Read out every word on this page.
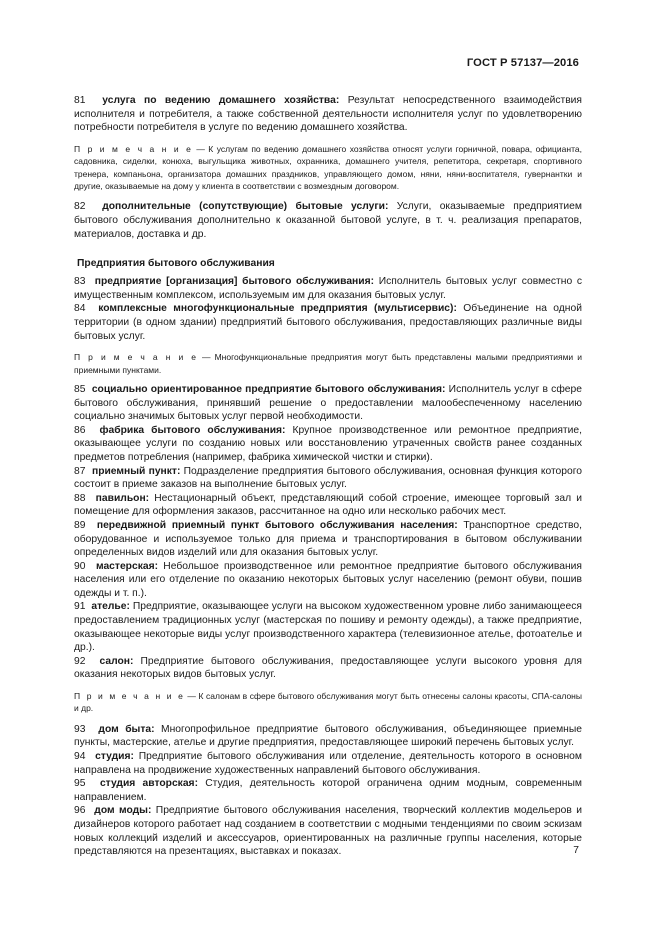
ГОСТ Р 57137—2016

81 услуга по ведению домашнего хозяйства: Результат непосредственного взаимодействия исполнителя и потребителя, а также собственной деятельности исполнителя услуг по удовлетворению потребности потребителя в услуге по ведению домашнего хозяйства.

П р и м е ч а н и е — К услугам по ведению домашнего хозяйства относят услуги горничной, повара, официанта, садовника, сиделки, конюха, выгульщика животных, охранника, домашнего учителя, репетитора, секретаря, спортивного тренера, компаньона, организатора домашних праздников, управляющего домом, няни, няни-воспитателя, гувернантки и другие, оказываемые на дому у клиента в соответствии с возмездным договором.

82 дополнительные (сопутствующие) бытовые услуги: Услуги, оказываемые предприятием бытового обслуживания дополнительно к оказанной бытовой услуге, в т. ч. реализация препаратов, материалов, доставка и др.

Предприятия бытового обслуживания

83 предприятие [организация] бытового обслуживания: Исполнитель бытовых услуг совместно с имущественным комплексом, используемым им для оказания бытовых услуг.

84 комплексные многофункциональные предприятия (мультисервис): Объединение на одной территории (в одном здании) предприятий бытового обслуживания, предоставляющих различные виды бытовых услуг.

П р и м е ч а н и е — Многофункциональные предприятия могут быть представлены малыми предприятиями и приемными пунктами.

85 социально ориентированное предприятие бытового обслуживания: Исполнитель услуг в сфере бытового обслуживания, принявший решение о предоставлении малообеспеченному населению социально значимых бытовых услуг первой необходимости.

86 фабрика бытового обслуживания: Крупное производственное или ремонтное предприятие, оказывающее услуги по созданию новых или восстановлению утраченных свойств ранее созданных предметов потребления (например, фабрика химической чистки и стирки).

87 приемный пункт: Подразделение предприятия бытового обслуживания, основная функция которого состоит в приеме заказов на выполнение бытовых услуг.

88 павильон: Нестационарный объект, представляющий собой строение, имеющее торговый зал и помещение для оформления заказов, рассчитанное на одно или несколько рабочих мест.

89 передвижной приемный пункт бытового обслуживания населения: Транспортное средство, оборудованное и используемое только для приема и транспортирования в бытовом обслуживании определенных видов изделий или для оказания бытовых услуг.

90 мастерская: Небольшое производственное или ремонтное предприятие бытового обслуживания населения или его отделение по оказанию некоторых бытовых услуг населению (ремонт обуви, пошив одежды и т. п.).

91 ателье: Предприятие, оказывающее услуги на высоком художественном уровне либо занимающееся предоставлением традиционных услуг (мастерская по пошиву и ремонту одежды), а также предприятие, оказывающее некоторые виды услуг производственного характера (телевизионное ателье, фотоателье и др.).

92 салон: Предприятие бытового обслуживания, предоставляющее услуги высокого уровня для оказания некоторых видов бытовых услуг.

П р и м е ч а н и е — К салонам в сфере бытового обслуживания могут быть отнесены салоны красоты, СПА-салоны и др.

93 дом быта: Многопрофильное предприятие бытового обслуживания, объединяющее приемные пункты, мастерские, ателье и другие предприятия, предоставляющее широкий перечень бытовых услуг.

94 студия: Предприятие бытового обслуживания или отделение, деятельность которого в основном направлена на продвижение художественных направлений бытового обслуживания.

95 студия авторская: Студия, деятельность которой ограничена одним модным, современным направлением.

96 дом моды: Предприятие бытового обслуживания населения, творческий коллектив модельеров и дизайнеров которого работает над созданием в соответствии с модными тенденциями по своим эскизам новых коллекций изделий и аксессуаров, ориентированных на различные группы населения, которые представляются на презентациях, выставках и показах.	7
